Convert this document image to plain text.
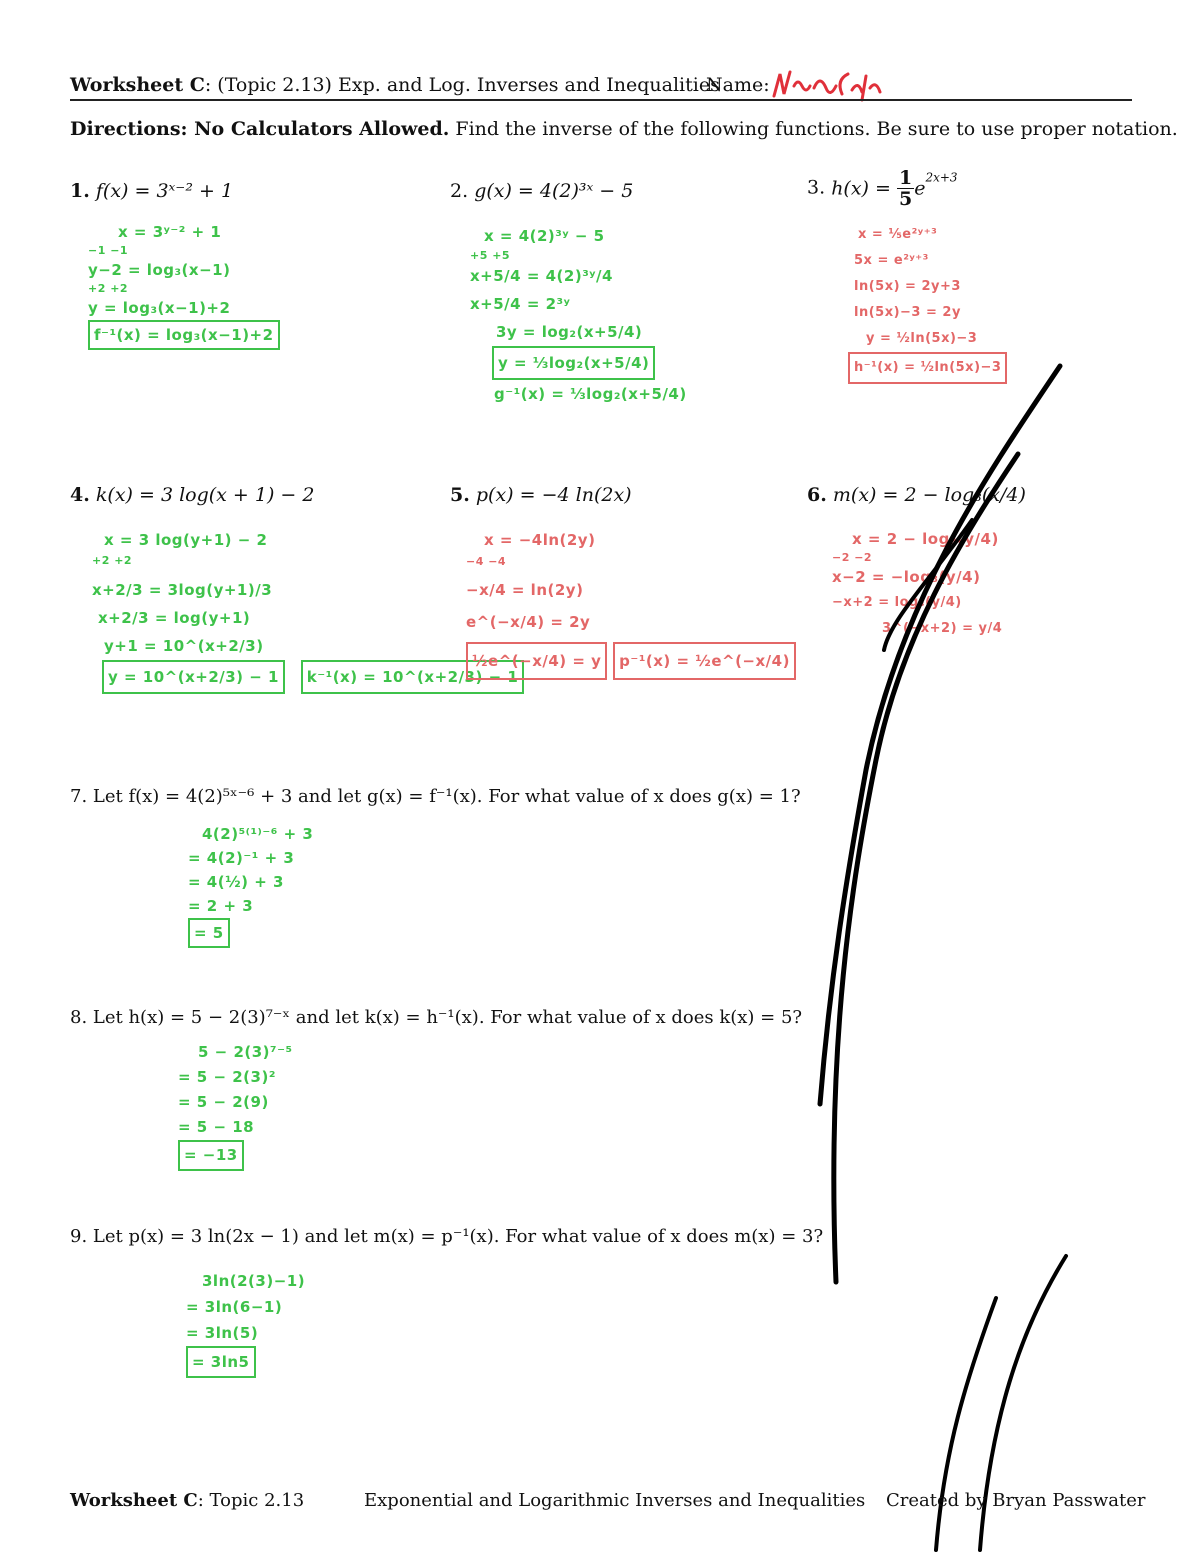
Worksheet C: (Topic 2.13) Exp. and Log. Inverses and Inequalities
Name:
Directions: No Calculators Allowed. Find the inverse of the following functions. Be sure to use proper notation.
1. f(x) = 3ˣ⁻² + 1	2. g(x) = 4(2)³ˣ − 5	3. $h(x) = \frac{1}{5} e^{2x+3}$
4. k(x) = 3 log(x + 1) − 2	5. p(x) = −4 ln(2x)	6. m(x) = 2 − log₃(x/4)
7. Let f(x) = 4(2)⁵ˣ⁻⁶ + 3 and let g(x) = f⁻¹(x). For what value of x does g(x) = 1?
8. Let h(x) = 5 − 2(3)⁷⁻ˣ and let k(x) = h⁻¹(x). For what value of x does k(x) = 5?
9. Let p(x) = 3 ln(2x − 1) and let m(x) = p⁻¹(x). For what value of x does m(x) = 3?
x = 3ʸ⁻² + 1
−1 −1
y−2 = log₃(x−1)
+2 +2
y = log₃(x−1)+2
f⁻¹(x) = log₃(x−1)+2
x = 4(2)³ʸ − 5
+5 +5
x+5/4 = 4(2)³ʸ/4
x+5/4 = 2³ʸ
3y = log₂(x+5/4)
y = ⅓log₂(x+5/4)
g⁻¹(x) = ⅓log₂(x+5/4)
x = ⅕e²ʸ⁺³
5x = e²ʸ⁺³
ln(5x) = 2y+3
ln(5x)−3 = 2y
y = ½ln(5x)−3
h⁻¹(x) = ½ln(5x)−3
x = 3 log(y+1) − 2
+2 +2
x+2/3 = 3log(y+1)/3
x+2/3 = log(y+1)
y+1 = 10^(x+2/3)
y = 10^(x+2/3) − 1 k⁻¹(x) = 10^(x+2/3) − 1
x = −4ln(2y)
−4 −4
−x/4 = ln(2y)
e^(−x/4) = 2y
½e^(−x/4) = y p⁻¹(x) = ½e^(−x/4)
x = 2 − log₃(y/4)
−2 −2
x−2 = −log₃(y/4)
−x+2 = log₃(y/4)
3^(−x+2) = y/4
4(2)⁵⁽¹⁾⁻⁶ + 3
= 4(2)⁻¹ + 3
= 4(½) + 3
= 2 + 3
= 5
5 − 2(3)⁷⁻⁵
= 5 − 2(3)²
= 5 − 2(9)
= 5 − 18
= −13
3ln(2(3)−1)
= 3ln(6−1)
= 3ln(5)
= 3ln5
Worksheet C: Topic 2.13	Exponential and Logarithmic Inverses and Inequalities Created by Bryan Passwater
